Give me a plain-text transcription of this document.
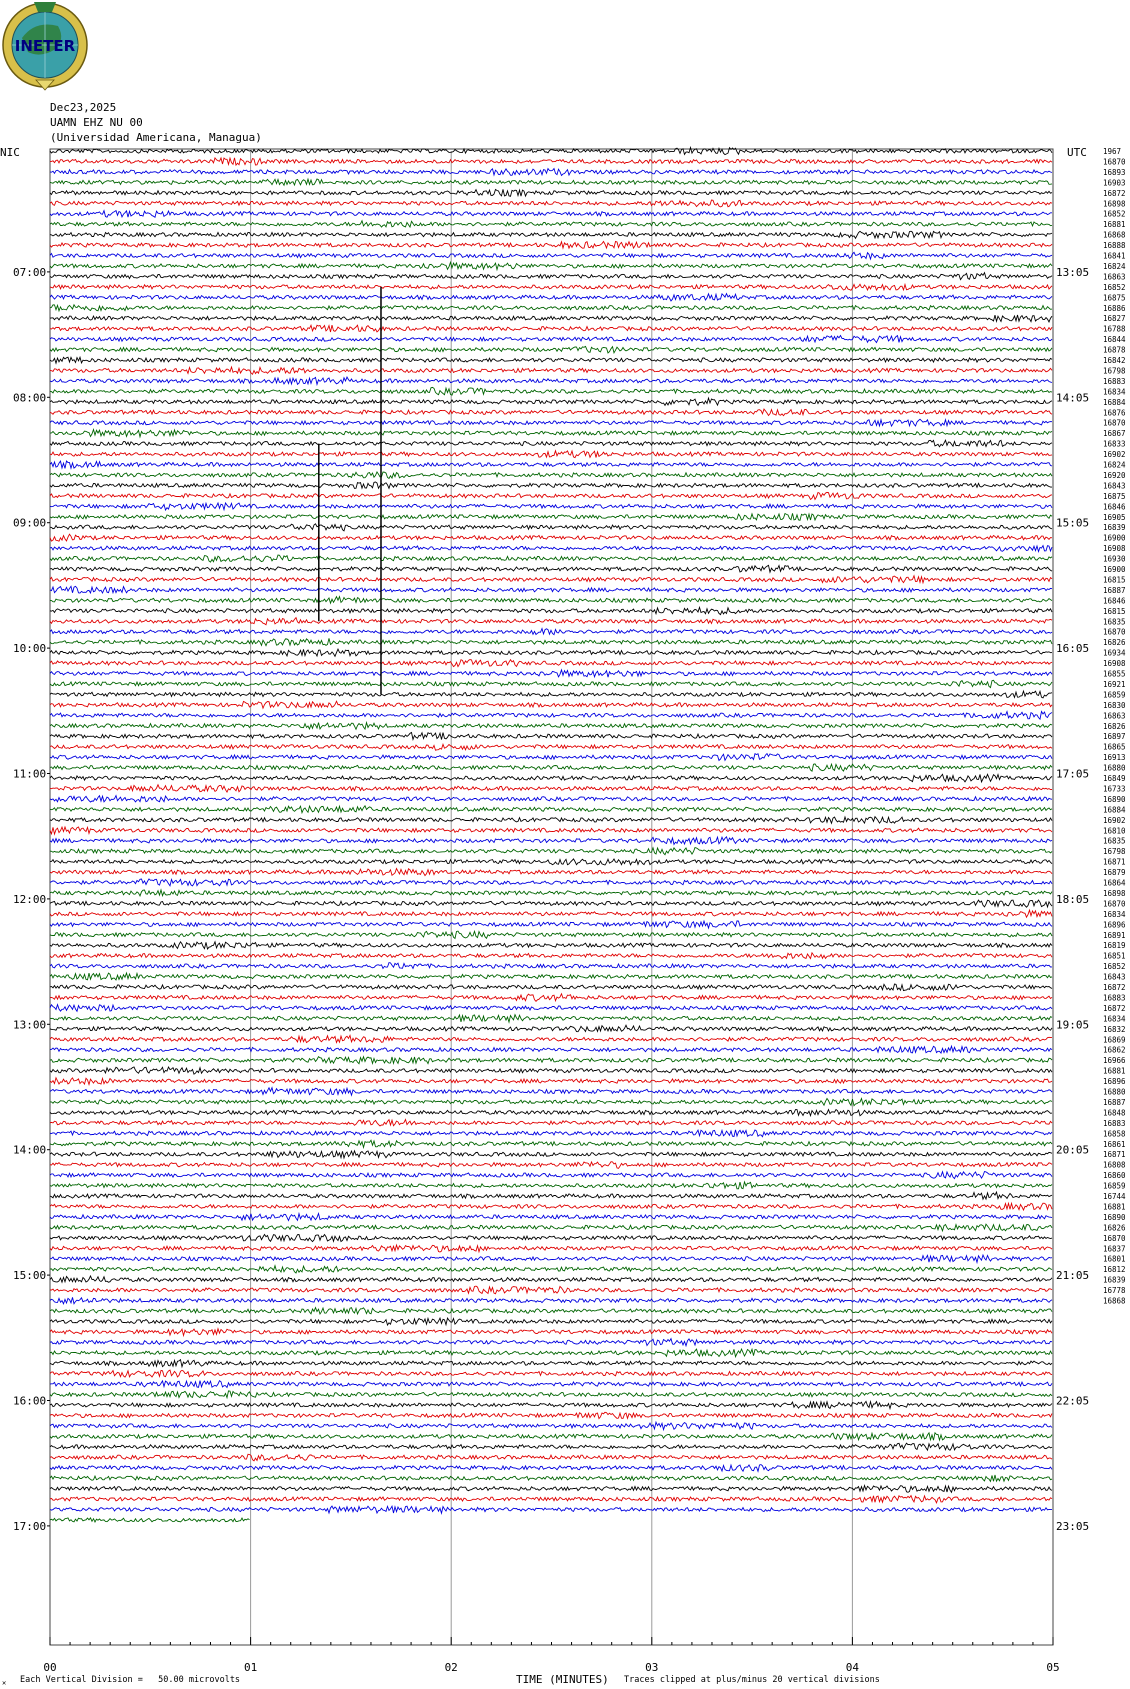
INETER
Dec23,2025
UAMN EHZ NU 00
(Universidad Americana, Managua)
NIC	UTC 1967
16870
16893
16903
16872
16898
16852
16881
16868
16888
16841
16824
16863
16852
16875
16886
16827
16788
16844
16878
16842
16798
16883
16834
16884
16876
16870
16867
16833
16902
16824
16920
16843
16875
16846
16905
16839
16900
16908
16930
16900
16815
16887
16846
16815
16835
16870
16826
16934
16908
16855
16921
16859
16830
16863
16826
16897
16865
16913
16880
16849
16733
16890
16884
16902
16810
16835
16798
16871
16879
16864
16898
16870
16834
16896
16891
16819
16851
16852
16843
16872
16883
16872
16834
16832
16869
16862
16966
16881
16896
16880
16887
16848
16883
16858
16861
16871
16808
16860
16859
16744
16881
16890
16826
16870
16837
16801
16812
16839
16778
16868
07:00
08:00
09:00
10:00
11:00
12:00
13:00
14:00
15:00
16:00
17:00
13:05
14:05
15:05
16:05
17:05
18:05
19:05
20:05
21:05
22:05
23:05
00	01	02	03	04	05
✕ Each Vertical Division =   50.00 microvolts	TIME (MINUTES) Traces clipped at plus/minus 20 vertical divisions
